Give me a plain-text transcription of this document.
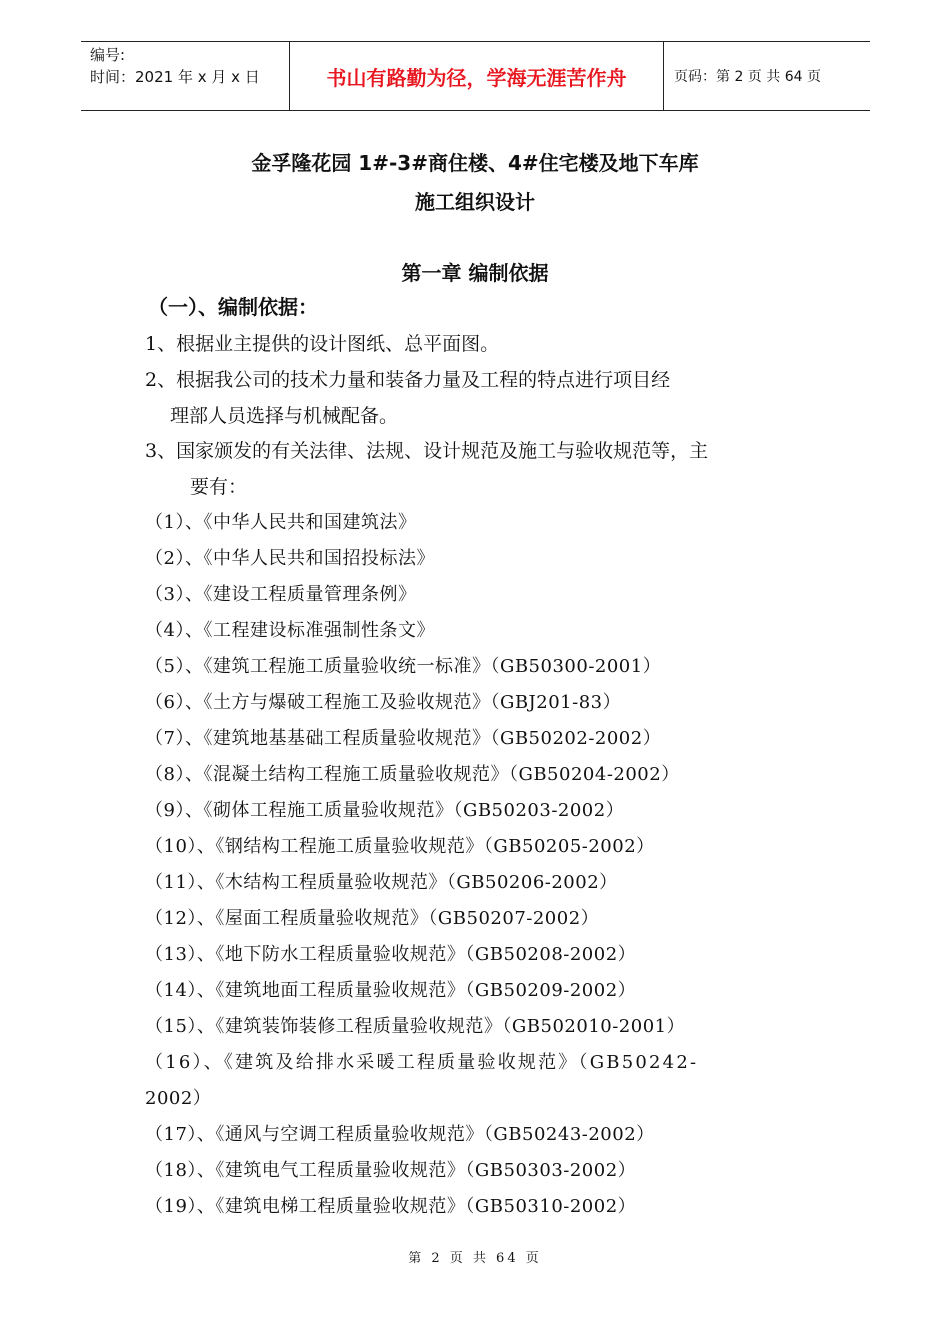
编号:
时间：2021 年 x 月 x 日	书山有路勤为径，学海无涯苦作舟	页码：第 2 页 共 64 页
金孚隆花园 1#-3#商住楼、4#住宅楼及地下车库
施工组织设计
第一章 编制依据
（一）、编制依据：
1、根据业主提供的设计图纸、总平面图。
2、根据我公司的技术力量和装备力量及工程的特点进行项目经
理部人员选择与机械配备。
3、国家颁发的有关法律、法规、设计规范及施工与验收规范等，主
要有：
（1）、《中华人民共和国建筑法》
（2）、《中华人民共和国招投标法》
（3）、《建设工程质量管理条例》
（4）、《工程建设标准强制性条文》
（5）、《建筑工程施工质量验收统一标准》（GB50300-2001）
（6）、《土方与爆破工程施工及验收规范》（GBJ201-83）
（7）、《建筑地基基础工程质量验收规范》（GB50202-2002）
（8）、《混凝土结构工程施工质量验收规范》（GB50204-2002）
（9）、《砌体工程施工质量验收规范》（GB50203-2002）
（10）、《钢结构工程施工质量验收规范》（GB50205-2002）
（11）、《木结构工程质量验收规范》（GB50206-2002）
（12）、《屋面工程质量验收规范》（GB50207-2002）
（13）、《地下防水工程质量验收规范》（GB50208-2002）
（14）、《建筑地面工程质量验收规范》（GB50209-2002）
（15）、《建筑装饰装修工程质量验收规范》（GB502010-2001）
（16）、《建筑及给排水采暖工程质量验收规范》（GB50242-
2002）
（17）、《通风与空调工程质量验收规范》（GB50243-2002）
（18）、《建筑电气工程质量验收规范》（GB50303-2002）
（19）、《建筑电梯工程质量验收规范》（GB50310-2002）
第 2 页 共 64 页
